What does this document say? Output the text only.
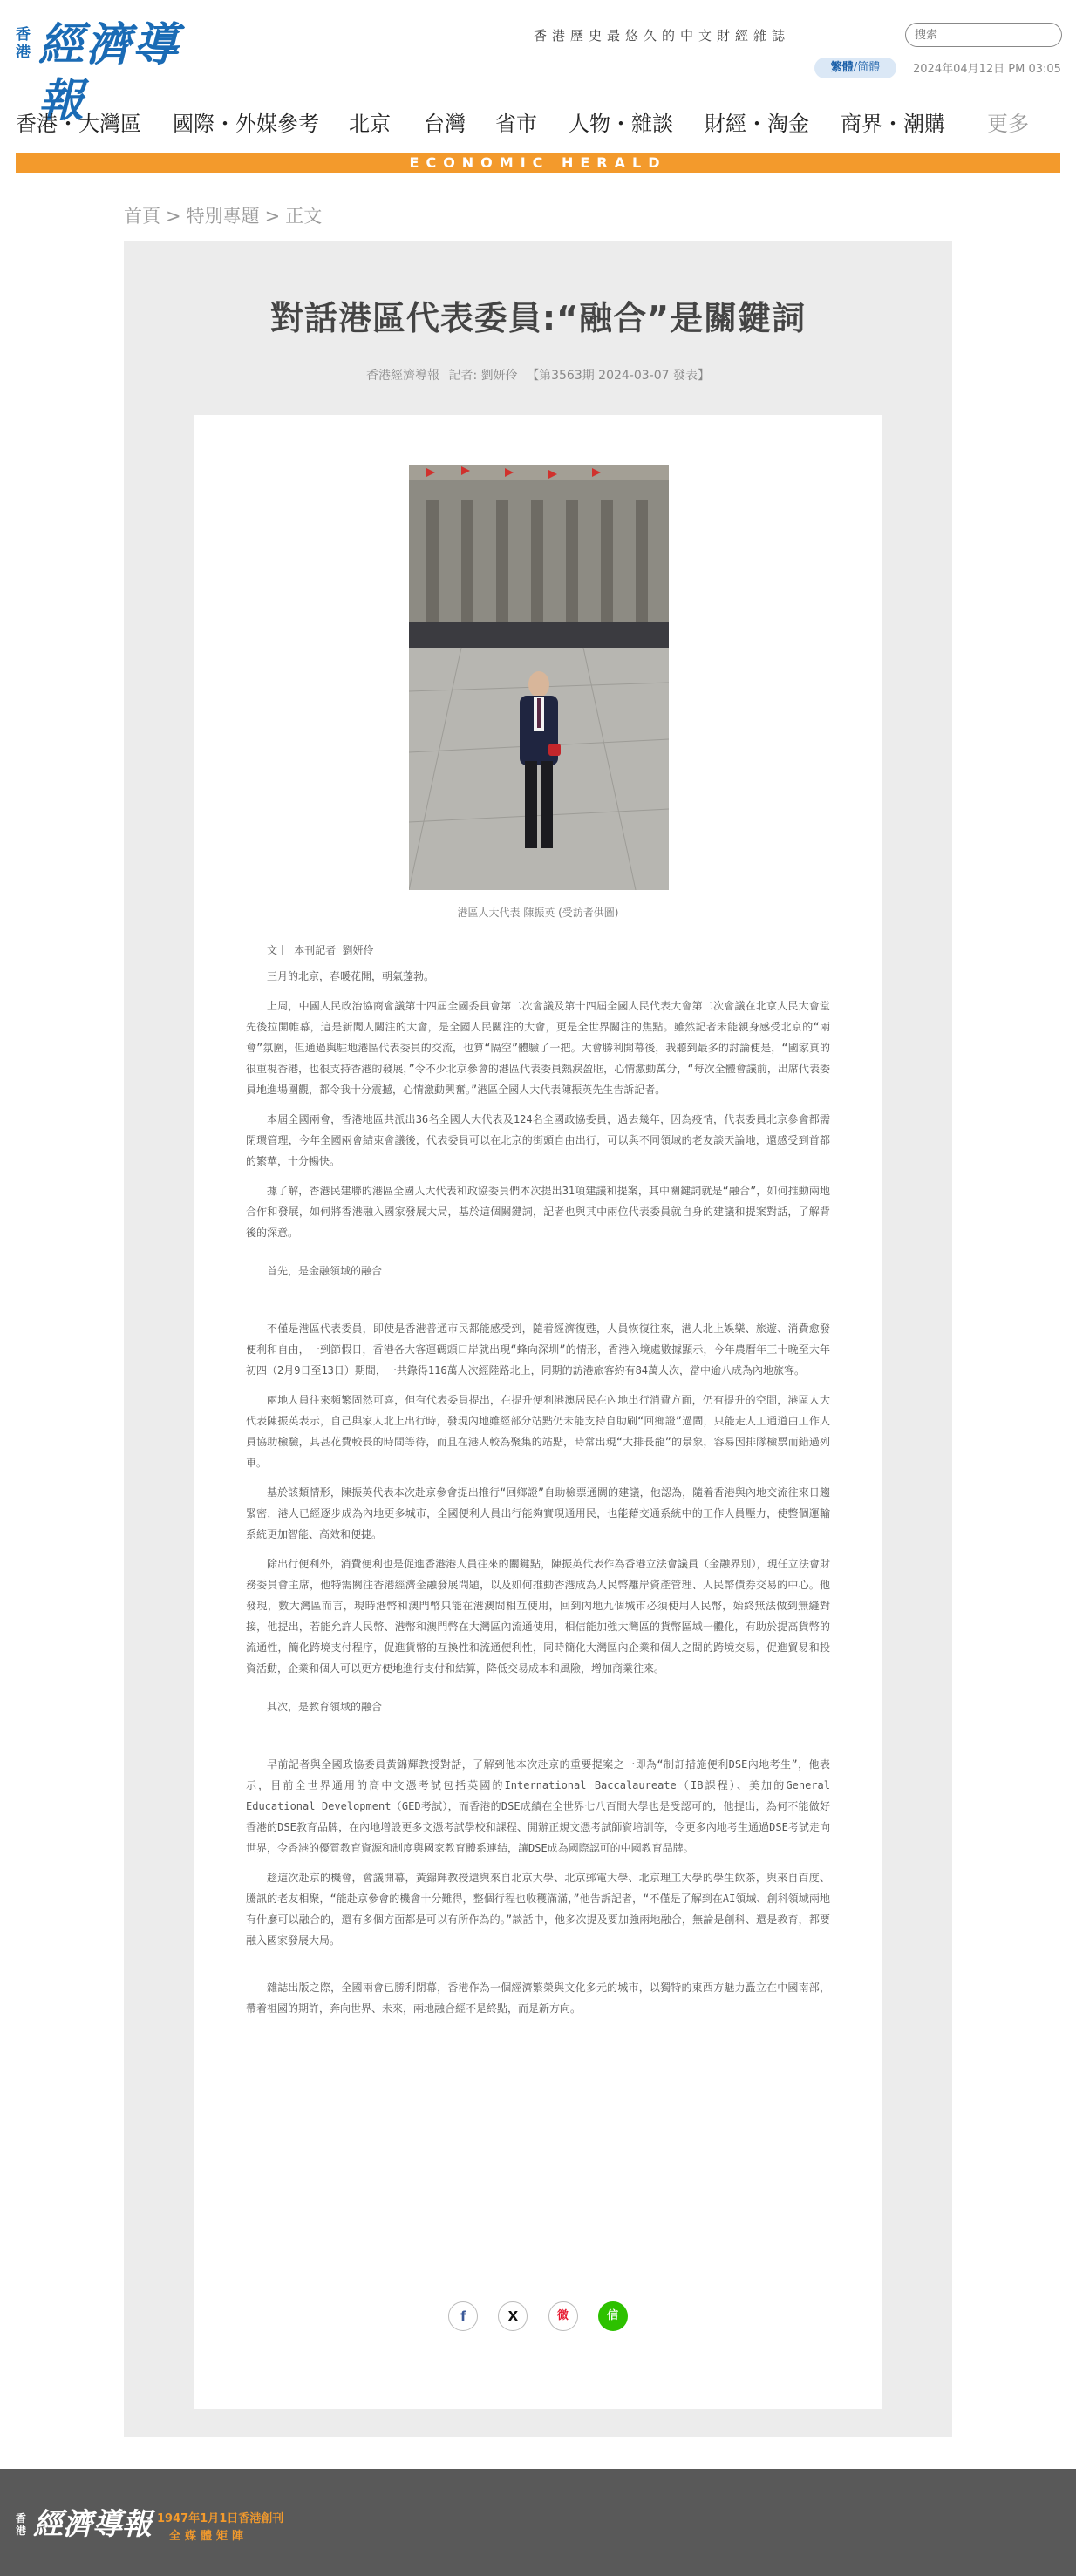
香港 經濟導報
香港歷史最悠久的中文財經雜誌
搜索
繁體/简體	2024年04月12日 PM 03:05
香港・大灣區 國際・外媒參考 北京 台灣 省市 人物・雜談 財經・淘金 商界・潮購 更多
ECONOMIC HERALD
首頁 > 特別專題 > 正文
對話港區代表委員:“融合”是關鍵詞
香港經濟導報 記者: 劉妍伶 【第3563期 2024-03-07 發表】
港區人大代表 陳振英 (受訪者供圖)

文丨 本刊記者 劉妍伶

三月的北京，春暖花開，朝氣蓬勃。

上周，中國人民政治協商會議第十四屆全國委員會第二次會議及第十四屆全國人民代表大會第二次會議在北京人民大會堂先後拉開帷幕，這是新聞人關注的大會，是全國人民關注的大會，更是全世界關注的焦點。雖然記者未能親身感受北京的“兩會”氛圍，但通過與駐地港區代表委員的交流，也算“隔空”體驗了一把。大會勝利開幕後，我聽到最多的討論便是，“國家真的很重視香港，也很支持香港的發展，”令不少北京參會的港區代表委員熱淚盈眶，心情激動萬分，“每次全體會議前，出席代表委員地進場圍觀，都令我十分震撼，心情激動興奮。”港區全國人大代表陳振英先生告訴記者。

本屆全國兩會，香港地區共派出36名全國人大代表及124名全國政協委員，過去幾年，因為疫情，代表委員北京參會都需閉環管理，今年全國兩會結束會議後，代表委員可以在北京的街頭自由出行，可以與不同領域的老友談天論地，還感受到首都的繁華，十分暢快。

據了解，香港民建聯的港區全國人大代表和政協委員們本次提出31項建議和提案，其中關鍵詞就是“融合”，如何推動兩地合作和發展，如何將香港融入國家發展大局，基於這個關鍵詞，記者也與其中兩位代表委員就自身的建議和提案對話，了解背後的深意。

首先，是金融領域的融合

不僅是港區代表委員，即使是香港普通市民都能感受到，隨着經濟復甦，人員恢復往來，港人北上娛樂、旅遊、消費愈發便利和自由，一到節假日，香港各大客運碼頭口岸就出現“蜂向深圳”的情形，香港入境處數據顯示，今年農曆年三十晚至大年初四（2月9日至13日）期間，一共錄得116萬人次經陸路北上，同期的訪港旅客約有84萬人次，當中逾八成為內地旅客。

兩地人員往來頻繁固然可喜，但有代表委員提出，在提升便利港澳居民在內地出行消費方面，仍有提升的空間，港區人大代表陳振英表示，自己與家人北上出行時，發現內地雖經部分站點仍未能支持自助刷“回鄉證”過閘，只能走人工通道由工作人員協助檢驗，其甚花費較長的時間等待，而且在港人較為聚集的站點，時常出現“大排長龍”的景象，容易因排隊檢票而錯過列車。

基於該類情形，陳振英代表本次赴京參會提出推行“回鄉證”自助檢票通關的建議，他認為，隨着香港與內地交流往來日趨緊密，港人已經逐步成為內地更多城市，全國便利人員出行能夠實現通用民，也能藉交通系統中的工作人員壓力，使整個運輸系統更加智能、高效和便捷。

除出行便利外，消費便利也是促進香港港人員往來的關鍵點，陳振英代表作為香港立法會議員（金融界別），現任立法會財務委員會主席，他特需關注香港經濟金融發展問題，以及如何推動香港成為人民幣離岸資產管理、人民幣債券交易的中心。他發現，數大灣區而言，現時港幣和澳門幣只能在港澳間相互使用，回到內地九個城市必須使用人民幣，始終無法做到無縫對接，他提出，若能允許人民幣、港幣和澳門幣在大灣區內流通使用，相信能加強大灣區的貨幣區域一體化，有助於提高貨幣的流通性，簡化跨境支付程序，促進貨幣的互換性和流通便利性，同時簡化大灣區內企業和個人之間的跨境交易，促進貿易和投資活動，企業和個人可以更方便地進行支付和結算，降低交易成本和風險，增加商業往來。

其次，是教育領域的融合

早前記者與全國政協委員黃錦輝教授對話，了解到他本次赴京的重要提案之一即為“制訂措施便利DSE內地考生”，他表示，目前全世界通用的高中文憑考試包括英國的International Baccalaureate（IB課程）、美加的General Educational Development（GED考試），而香港的DSE成績在全世界七八百間大學也是受認可的，他提出，為何不能做好香港的DSE教育品牌，在內地增設更多文憑考試學校和課程、開辦正規文憑考試師資培訓等，令更多內地考生通過DSE考試走向世界，令香港的優質教育資源和制度與國家教育體系連結，讓DSE成為國際認可的中國教育品牌。

趁這次赴京的機會，會議開幕，黃錦輝教授還與來自北京大學、北京郵電大學、北京理工大學的學生飲茶，與來自百度、騰訊的老友相聚，“能赴京參會的機會十分難得，整個行程也收穫滿滿，”他告訴記者，“不僅是了解到在AI領域、創科領域兩地有什麼可以融合的，還有多個方面都是可以有所作為的。”談話中，他多次提及要加強兩地融合，無論是創科、還是教育，都要融入國家發展大局。

雜誌出版之際，全國兩會已勝利閉幕，香港作為一個經濟繁榮與文化多元的城市，以獨特的東西方魅力矗立在中國南部，帶着祖國的期許，奔向世界、未來，兩地融合經不是終點，而是新方向。

f	X	微	信
香港 經濟導報 1947年1月1日香港創刊
全媒體矩陣
